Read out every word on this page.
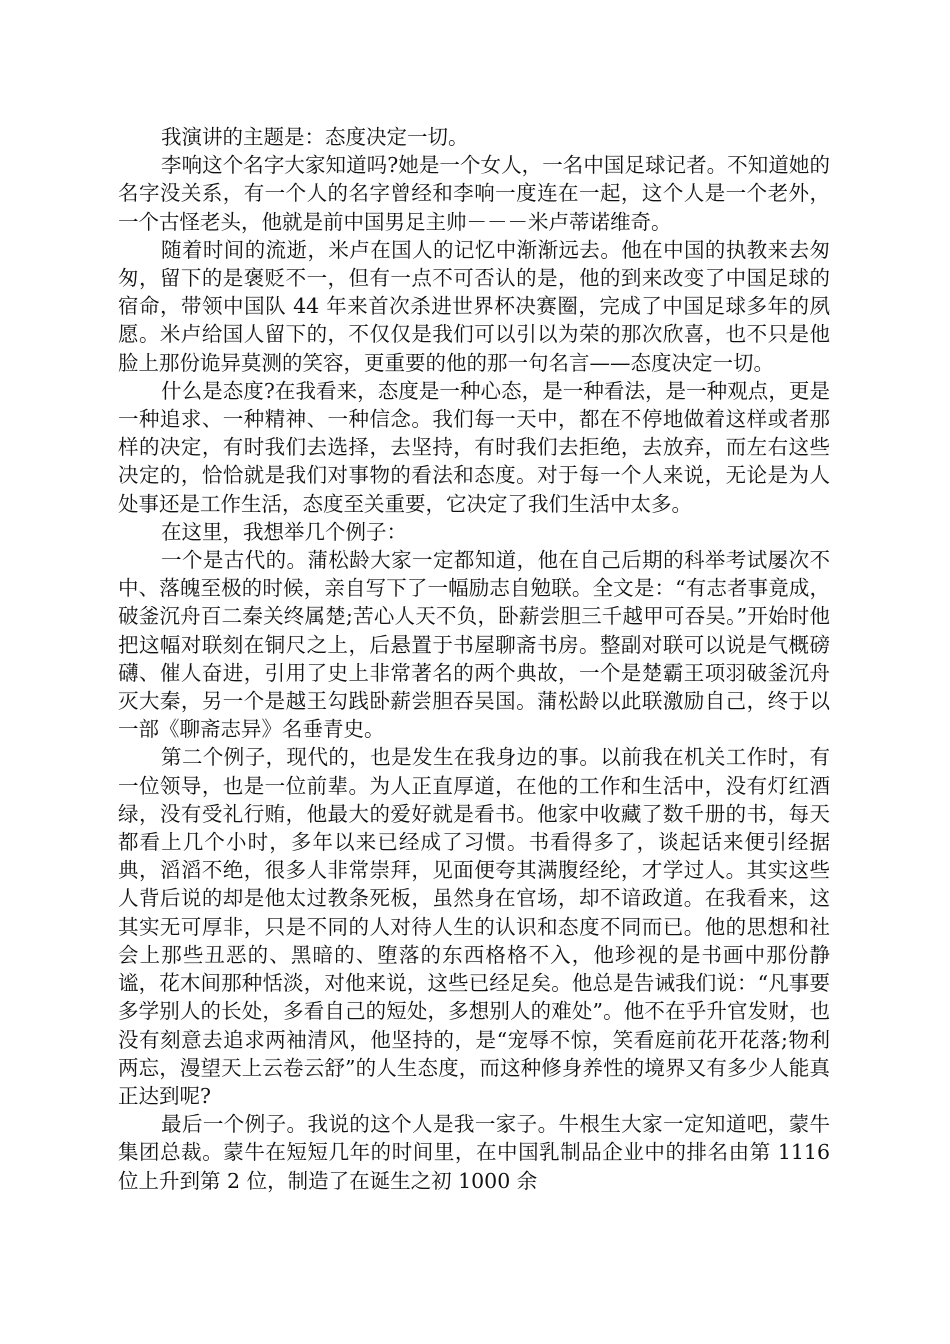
我演讲的主题是：态度决定一切。

李响这个名字大家知道吗?她是一个女人，一名中国足球记者。不知道她的名字没关系，有一个人的名字曾经和李响一度连在一起，这个人是一个老外，一个古怪老头，他就是前中国男足主帅－－－米卢蒂诺维奇。

随着时间的流逝，米卢在国人的记忆中渐渐远去。他在中国的执教来去匆匆，留下的是褒贬不一，但有一点不可否认的是，他的到来改变了中国足球的宿命，带领中国队 44 年来首次杀进世界杯决赛圈，完成了中国足球多年的夙愿。米卢给国人留下的，不仅仅是我们可以引以为荣的那次欣喜，也不只是他脸上那份诡异莫测的笑容，更重要的他的那一句名言——态度决定一切。

什么是态度?在我看来，态度是一种心态，是一种看法，是一种观点，更是一种追求、一种精神、一种信念。我们每一天中，都在不停地做着这样或者那样的决定，有时我们去选择，去坚持，有时我们去拒绝，去放弃，而左右这些决定的，恰恰就是我们对事物的看法和态度。对于每一个人来说，无论是为人处事还是工作生活，态度至关重要，它决定了我们生活中太多。

在这里，我想举几个例子：

一个是古代的。蒲松龄大家一定都知道，他在自己后期的科举考试屡次不中、落魄至极的时候，亲自写下了一幅励志自勉联。全文是：“有志者事竟成，破釜沉舟百二秦关终属楚;苦心人天不负，卧薪尝胆三千越甲可吞吴。”开始时他把这幅对联刻在铜尺之上，后悬置于书屋聊斋书房。整副对联可以说是气概磅礴、催人奋进，引用了史上非常著名的两个典故，一个是楚霸王项羽破釜沉舟灭大秦，另一个是越王勾践卧薪尝胆吞吴国。蒲松龄以此联激励自己，终于以一部《聊斋志异》名垂青史。

第二个例子，现代的，也是发生在我身边的事。以前我在机关工作时，有一位领导，也是一位前辈。为人正直厚道，在他的工作和生活中，没有灯红酒绿，没有受礼行贿，他最大的爱好就是看书。他家中收藏了数千册的书，每天都看上几个小时，多年以来已经成了习惯。书看得多了，谈起话来便引经据典，滔滔不绝，很多人非常崇拜，见面便夸其满腹经纶，才学过人。其实这些人背后说的却是他太过教条死板，虽然身在官场，却不谙政道。在我看来，这其实无可厚非，只是不同的人对待人生的认识和态度不同而已。他的思想和社会上那些丑恶的、黑暗的、堕落的东西格格不入，他珍视的是书画中那份静谧，花木间那种恬淡，对他来说，这些已经足矣。他总是告诫我们说：“凡事要多学别人的长处，多看自己的短处，多想别人的难处”。他不在乎升官发财，也没有刻意去追求两袖清风，他坚持的，是“宠辱不惊，笑看庭前花开花落;物利两忘，漫望天上云卷云舒”的人生态度，而这种修身养性的境界又有多少人能真正达到呢?

最后一个例子。我说的这个人是我一家子。牛根生大家一定知道吧，蒙牛集团总裁。蒙牛在短短几年的时间里，在中国乳制品企业中的排名由第 1116 位上升到第 2 位，制造了在诞生之初 1000 余
